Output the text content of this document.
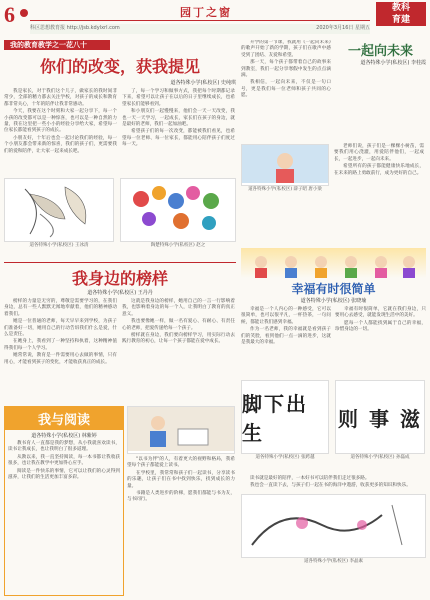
6	园丁之窗	教科
育建
科区思想教育报 http://jsb.kdylxrl.com	2020年3月16日 星期五
我的教育教学之一花八十
你们的改变，获我提见
道各特殊小学(私校区) 史纯琪

我是家长，对于我们这个儿子，做家长的我时间非常少，全部的精力都去关注学校，对孩子的成长和教育都非常关心，十年的陪伴让我非常感动。

今天，我要在这个时刻和大家一起分享下，每一个小孩的改变都可以是一种惊喜，也可以是一种自然的力量，我在这里把一些小小的经验分享给大家，希望每一位家长都能看到孩子的成长。

小朋友好，十年后也会一起讨论我们的经验，每一个小朋友都会带来新的惊喜，我们的孩子们，更需要我们的爱和陪伴，让大家一起来成长吧。

了，每一个学习和做事方式，我把每个时期都记录下来，希望可以让孩子在以后的日子里继续成长，也希望家长们能够看到。

和小朋友们一起慢慢来，他们会一天一天改变，我也一天一天学习，一起成长，家长们在孩子的身边，就是最好的老师，我们一起加油吧。

希望孩子们的每一次改变，都能被我们看见，也希望每一位老师、每一位家长，都能用心陪伴孩子们度过每一天。

道各特殊小学(私校区) 王冰清	陶楚特殊小学(私校区) 赵之

开学的第一节课，我就用《一起向未来》的歌声开始了新的学期，孩子们在歌声中感受到了团结、友爱和希望。

那一天，每个孩子都带着自己的故事来到教室，我们一起分享寒假中发生的点点滴滴。

我相信，一起向未来，不仅是一句口号，更是我们每一位老师和孩子共同的心愿。

一起向未来
道各特殊小学(私校区) 李桂霞
道各特殊小学(私校区) 薛子昭 唐小梁

老师们说，孩子们是一棵棵小树苗，需要我们用心浇灌，用爱陪伴他们，一起成长，一起进步，一起向未来。

希望所有的孩子都能健康快乐地成长，在未来的路上勇敢前行，成为更好的自己。

幸福有时很简单
道各特殊小学(私校区) 张晓瑜

幸福是一个人内心的一种感受，它可以很简单，也可以很平凡，一杯热茶，一句问候，都能让我们感到幸福。

作为一名老师，我的幸福就是看到孩子们的笑脸，看到他们一点一滴的进步，这就是我最大的幸福。

幸福有时很简单，它就在我们身边，只要用心去感受，就能发现生活中的美好。

愿每一个人都能找到属于自己的幸福，珍惜身边的一切。

我身边的榜样
道各特殊小学(私校区) 王丹丹

榜样的力量是无穷的，尊敬是需要学习的，在我们身边，总有一些人默默无闻地奉献着，他们的精神感动着我们。

她是一位普通的老师，每天早早来到学校，为孩子们准备好一切，她用自己的行动告诉我们什么是爱，什么是责任。

在她身上，我看到了一种坚持和执着，这种精神值得我们每一个人学习。

她常常说，教育是一件需要用心去做的事情，只有用心，才能看到孩子的变化，才能收获真正的成长。

这就是我身边的榜样，她用自己的一言一行影响着我，也影响着身边的每一个人，让我明白了教育的真正意义。

我也要像她一样，做一名有爱心、有耐心、有责任心的老师，把爱传递给每一个孩子。

榜样就在身边，我们要向榜样学习，用实际行动去践行教育的初心，让每一个孩子都能在爱中成长。

脚下出生
道各特殊小学(私校区) 张跨越
则 事 滋
道各特殊小学(私校区) 孙磊成
我与阅读
道各特殊小学(私校区) 林紫婷

教书育人一直都是我的梦想，从小我就喜欢读书，读书让我成长，也让我明白了很多道理。

从教以来，我一直坚持阅读，每一本书都让我收获很多，也让我在教学中更加得心应手。

阅读是一件快乐的事情，它可以让我们的心灵得到滋养，让我们的生活更加丰富多彩。

"以书为伴"的人，有着更大的视野和格局，我希望每个孩子都能爱上读书。

在学校里，我常常和孩子们一起读书，分享读书的乐趣，让孩子们在书中找到快乐，找到成长的力量。

书籍是人类进步的阶梯，愿我们都能与书为友，与书同行。

读书就是最好的陪伴，一本好书可以陪伴我们走过很多路。

我也会一直读下去，与孩子们一起在书的海洋中遨游，收获更多的知识和快乐。

道各特殊小学(私校区) 李晶素
